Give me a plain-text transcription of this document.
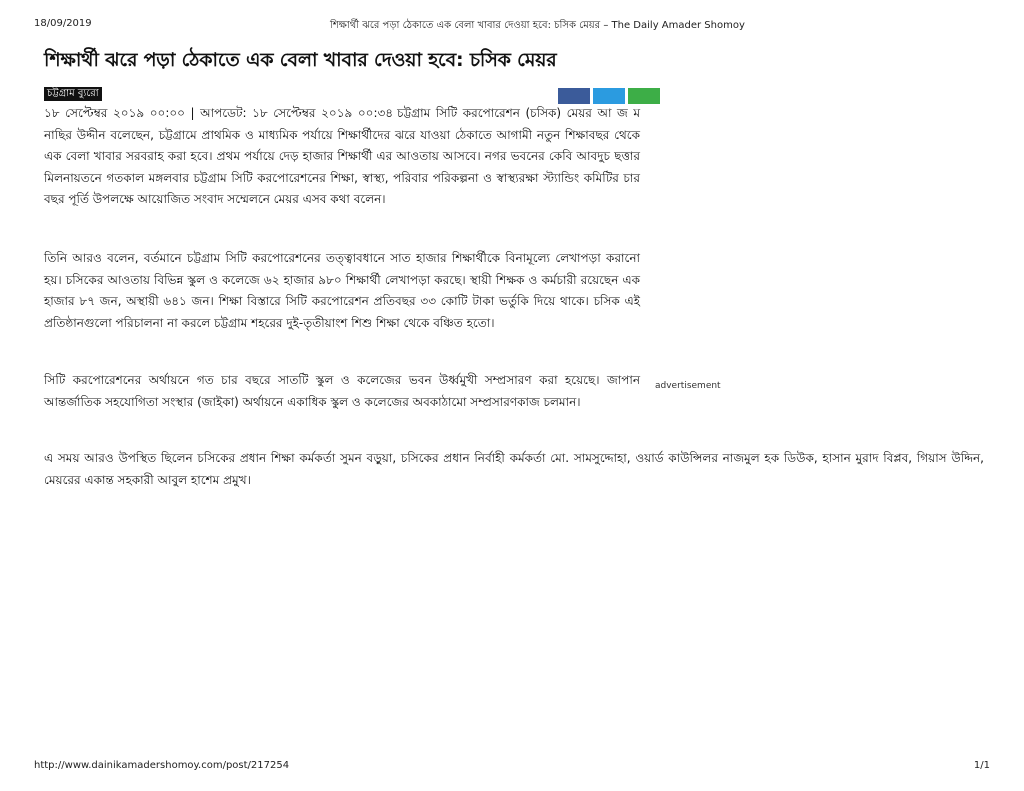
18/09/2019	শিক্ষার্থী ঝরে পড়া ঠেকাতে এক বেলা খাবার দেওয়া হবে: চসিক মেয়র – The Daily Amader Shomoy
শিক্ষার্থী ঝরে পড়া ঠেকাতে এক বেলা খাবার দেওয়া হবে: চসিক মেয়র
চট্টগ্রাম ব্যুরো

১৮ সেপ্টেম্বর ২০১৯ ০০:০০ | আপডেট: ১৮ সেপ্টেম্বর ২০১৯ ০০:৩৪ চট্টগ্রাম সিটি করপোরেশন (চসিক) মেয়র আ জ ম নাছির উদ্দীন বলেছেন, চট্টগ্রামে প্রাথমিক ও মাধ্যমিক পর্যায়ে শিক্ষার্থীদের ঝরে যাওয়া ঠেকাতে আগামী নতুন শিক্ষাবছর থেকে এক বেলা খাবার সরবরাহ করা হবে। প্রথম পর্যায়ে দেড় হাজার শিক্ষার্থী এর আওতায় আসবে। নগর ভবনের কেবি আবদুচ ছত্তার মিলনায়তনে গতকাল মঙ্গলবার চট্টগ্রাম সিটি করপোরেশনের শিক্ষা, স্বাস্থ্য, পরিবার পরিকল্পনা ও স্বাস্থ্যরক্ষা স্ট্যান্ডিং কমিটির চার বছর পূর্তি উপলক্ষে আয়োজিত সংবাদ সম্মেলনে মেয়র এসব কথা বলেন।

তিনি আরও বলেন, বর্তমানে চট্টগ্রাম সিটি করপোরেশনের তত্ত্বাবধানে সাত হাজার শিক্ষার্থীকে বিনামূল্যে লেখাপড়া করানো হয়। চসিকের আওতায় বিভিন্ন স্কুল ও কলেজে ৬২ হাজার ৯৮০ শিক্ষার্থী লেখাপড়া করছে। স্থায়ী শিক্ষক ও কর্মচারী রয়েছেন এক হাজার ৮৭ জন, অস্থায়ী ৬৪১ জন। শিক্ষা বিস্তারে সিটি করপোরেশন প্রতিবছর ৩৩ কোটি টাকা ভর্তুকি দিয়ে থাকে। চসিক এই প্রতিষ্ঠানগুলো পরিচালনা না করলে চট্টগ্রাম শহরের দুই-তৃতীয়াংশ শিশু শিক্ষা থেকে বঞ্চিত হতো।

সিটি করপোরেশনের অর্থায়নে গত চার বছরে সাতটি স্কুল ও কলেজের ভবন উর্ধ্বমুখী সম্প্রসারণ করা হয়েছে। জাপান আন্তর্জাতিক সহযোগিতা সংস্থার (জাইকা) অর্থায়নে একাধিক স্কুল ও কলেজের অবকাঠামো সম্প্রসারণকাজ চলমান।

advertisement

এ সময় আরও উপস্থিত ছিলেন চসিকের প্রধান শিক্ষা কর্মকর্তা সুমন বড়ুয়া, চসিকের প্রধান নির্বাহী কর্মকর্তা মো. সামসুদ্দোহা, ওয়ার্ড কাউন্সিলর নাজমুল হক ডিউক, হাসান মুরাদ বিপ্লব, গিয়াস উদ্দিন, মেয়রের একান্ত সহকারী আবুল হাশেম প্রমুখ।

http://www.dainikamadershomoy.com/post/217254	1/1
